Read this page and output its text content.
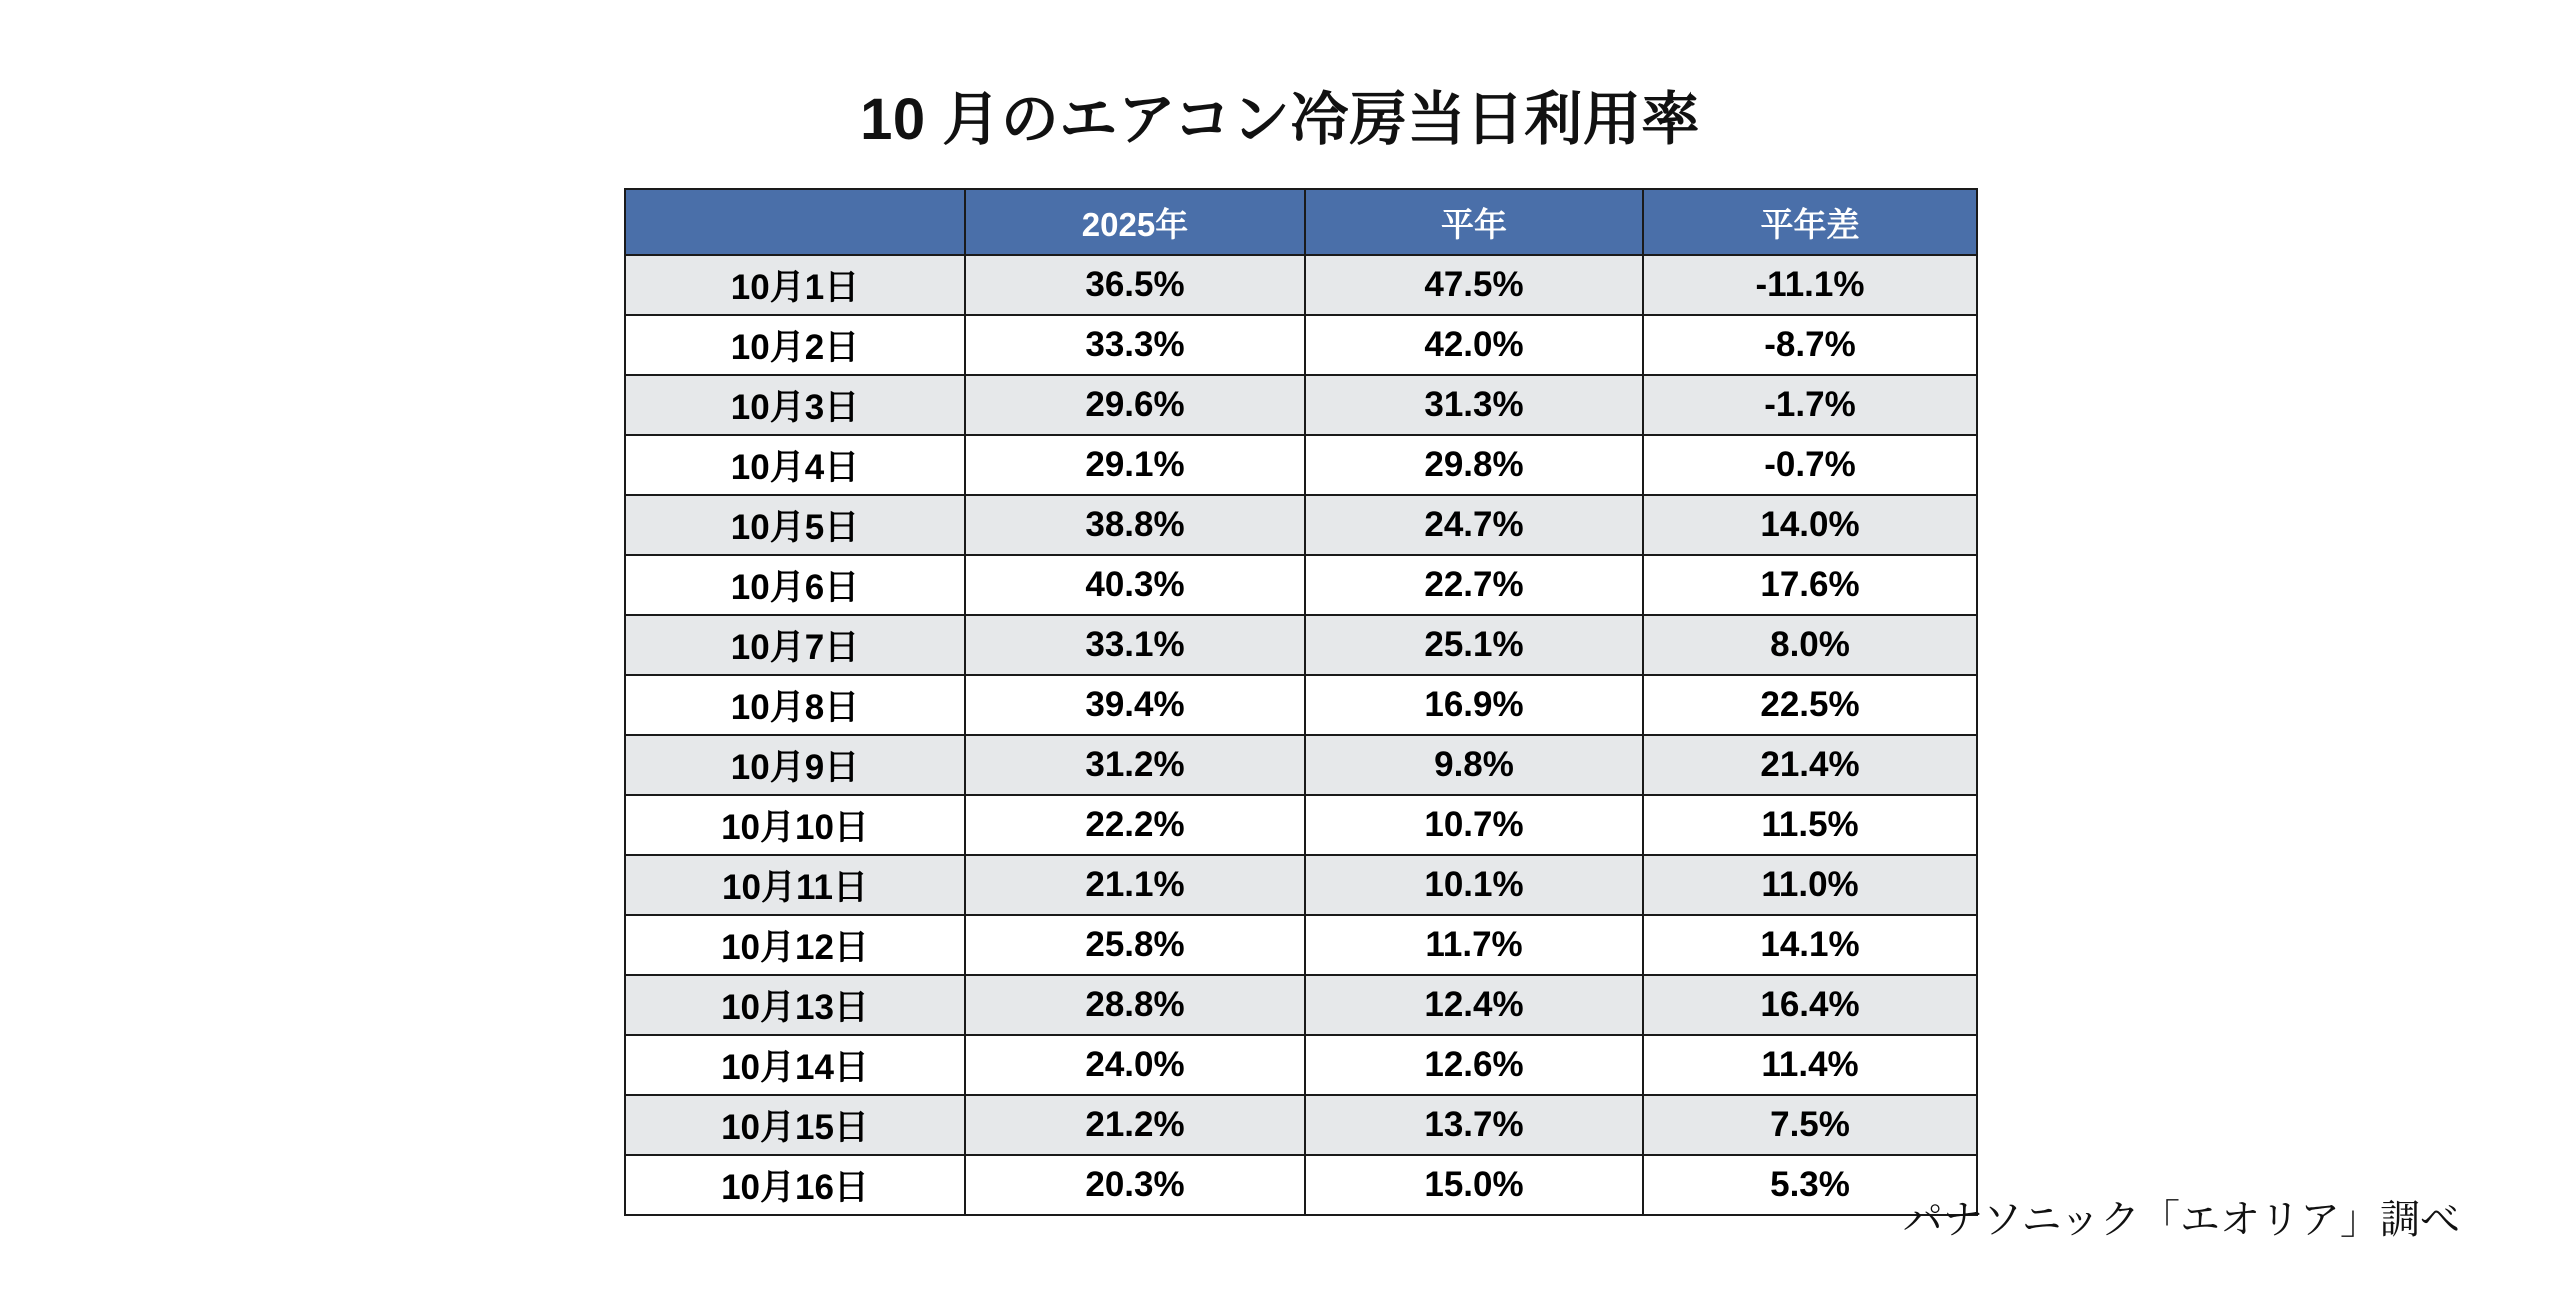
10 月のエアコン冷房当日利用率
	2025年	平年	平年差
10月1日	36.5%	47.5%	-11.1%
10月2日	33.3%	42.0%	-8.7%
10月3日	29.6%	31.3%	-1.7%
10月4日	29.1%	29.8%	-0.7%
10月5日	38.8%	24.7%	14.0%
10月6日	40.3%	22.7%	17.6%
10月7日	33.1%	25.1%	8.0%
10月8日	39.4%	16.9%	22.5%
10月9日	31.2%	9.8%	21.4%
10月10日	22.2%	10.7%	11.5%
10月11日	21.1%	10.1%	11.0%
10月12日	25.8%	11.7%	14.1%
10月13日	28.8%	12.4%	16.4%
10月14日	24.0%	12.6%	11.4%
10月15日	21.2%	13.7%	7.5%
10月16日	20.3%	15.0%	5.3%
パナソニック「エオリア」調べ
